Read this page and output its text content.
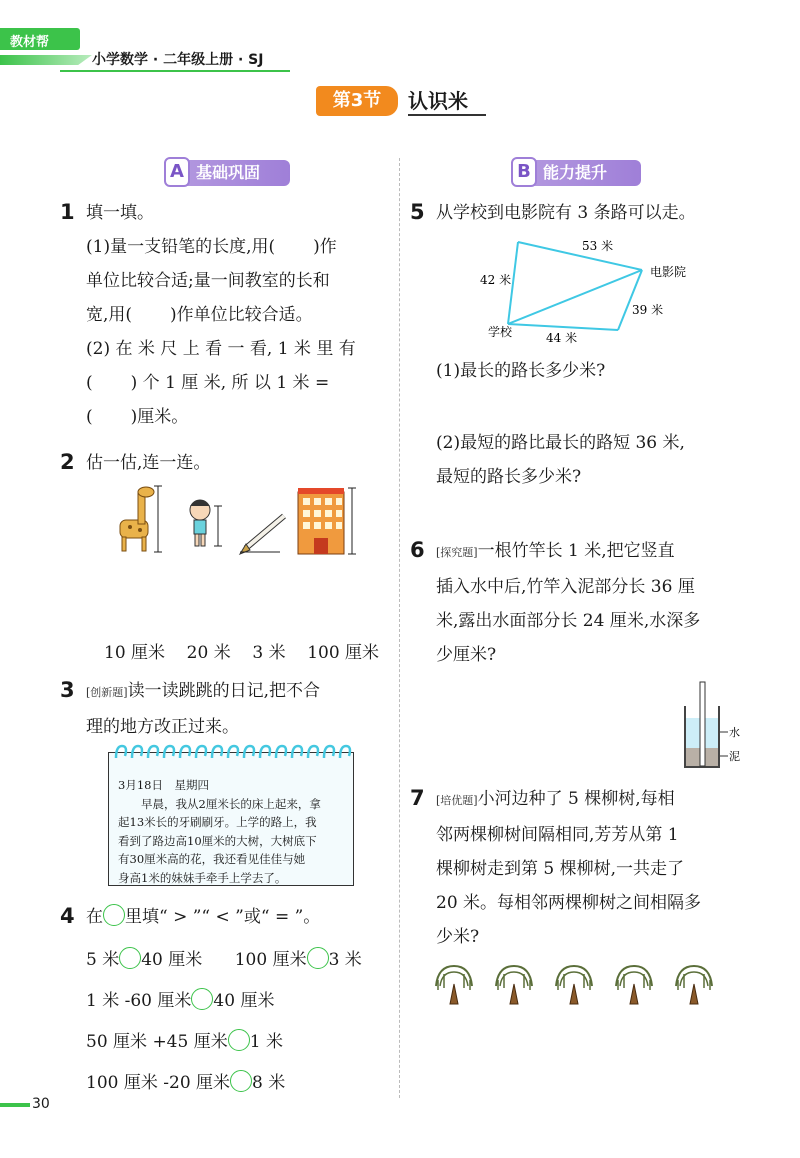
教材帮
小学数学 · 二年级上册 · SJ
第3节	认识米
A 基础巩固	B 能力提升
1 填一填。
(1)量一支铅笔的长度,用( )作
单位比较合适;量一间教室的长和
宽,用( )作单位比较合适。
(2) 在 米 尺 上 看 一 看, 1 米 里 有
( ) 个 1 厘 米, 所 以 1 米 =
( )厘米。
2 估一估,连一连。
10 厘米 20 米 3 米 100 厘米
3 [创新题]读一读跳跳的日记,把不合
理的地方改正过来。
3月18日　星期四
　　早晨，我从2厘米长的床上起来，拿
起13米长的牙刷刷牙。上学的路上，我
看到了路边高10厘米的大树，大树底下
有30厘米高的花，我还看见佳佳与她
身高1米的妹妹手牵手上学去了。
4 在 里填“ > ”“ < ”或“ = ”。
5 米 40 厘米 100 厘米 3 米
1 米 -60 厘米 40 厘米
50 厘米 +45 厘米 1 米
100 厘米 -20 厘米 8 米
5 从学校到电影院有 3 条路可以走。
53 米
42 米
电影院
39 米
学校	44 米
(1)最长的路长多少米?
(2)最短的路比最长的路短 36 米,
最短的路长多少米?
6 [探究题]一根竹竿长 1 米,把它竖直
插入水中后,竹竿入泥部分长 36 厘
米,露出水面部分长 24 厘米,水深多
少厘米?
水
泥
7 [培优题]小河边种了 5 棵柳树,每相
邻两棵柳树间隔相同,芳芳从第 1
棵柳树走到第 5 棵柳树,一共走了
20 米。每相邻两棵柳树之间相隔多
少米?
30
